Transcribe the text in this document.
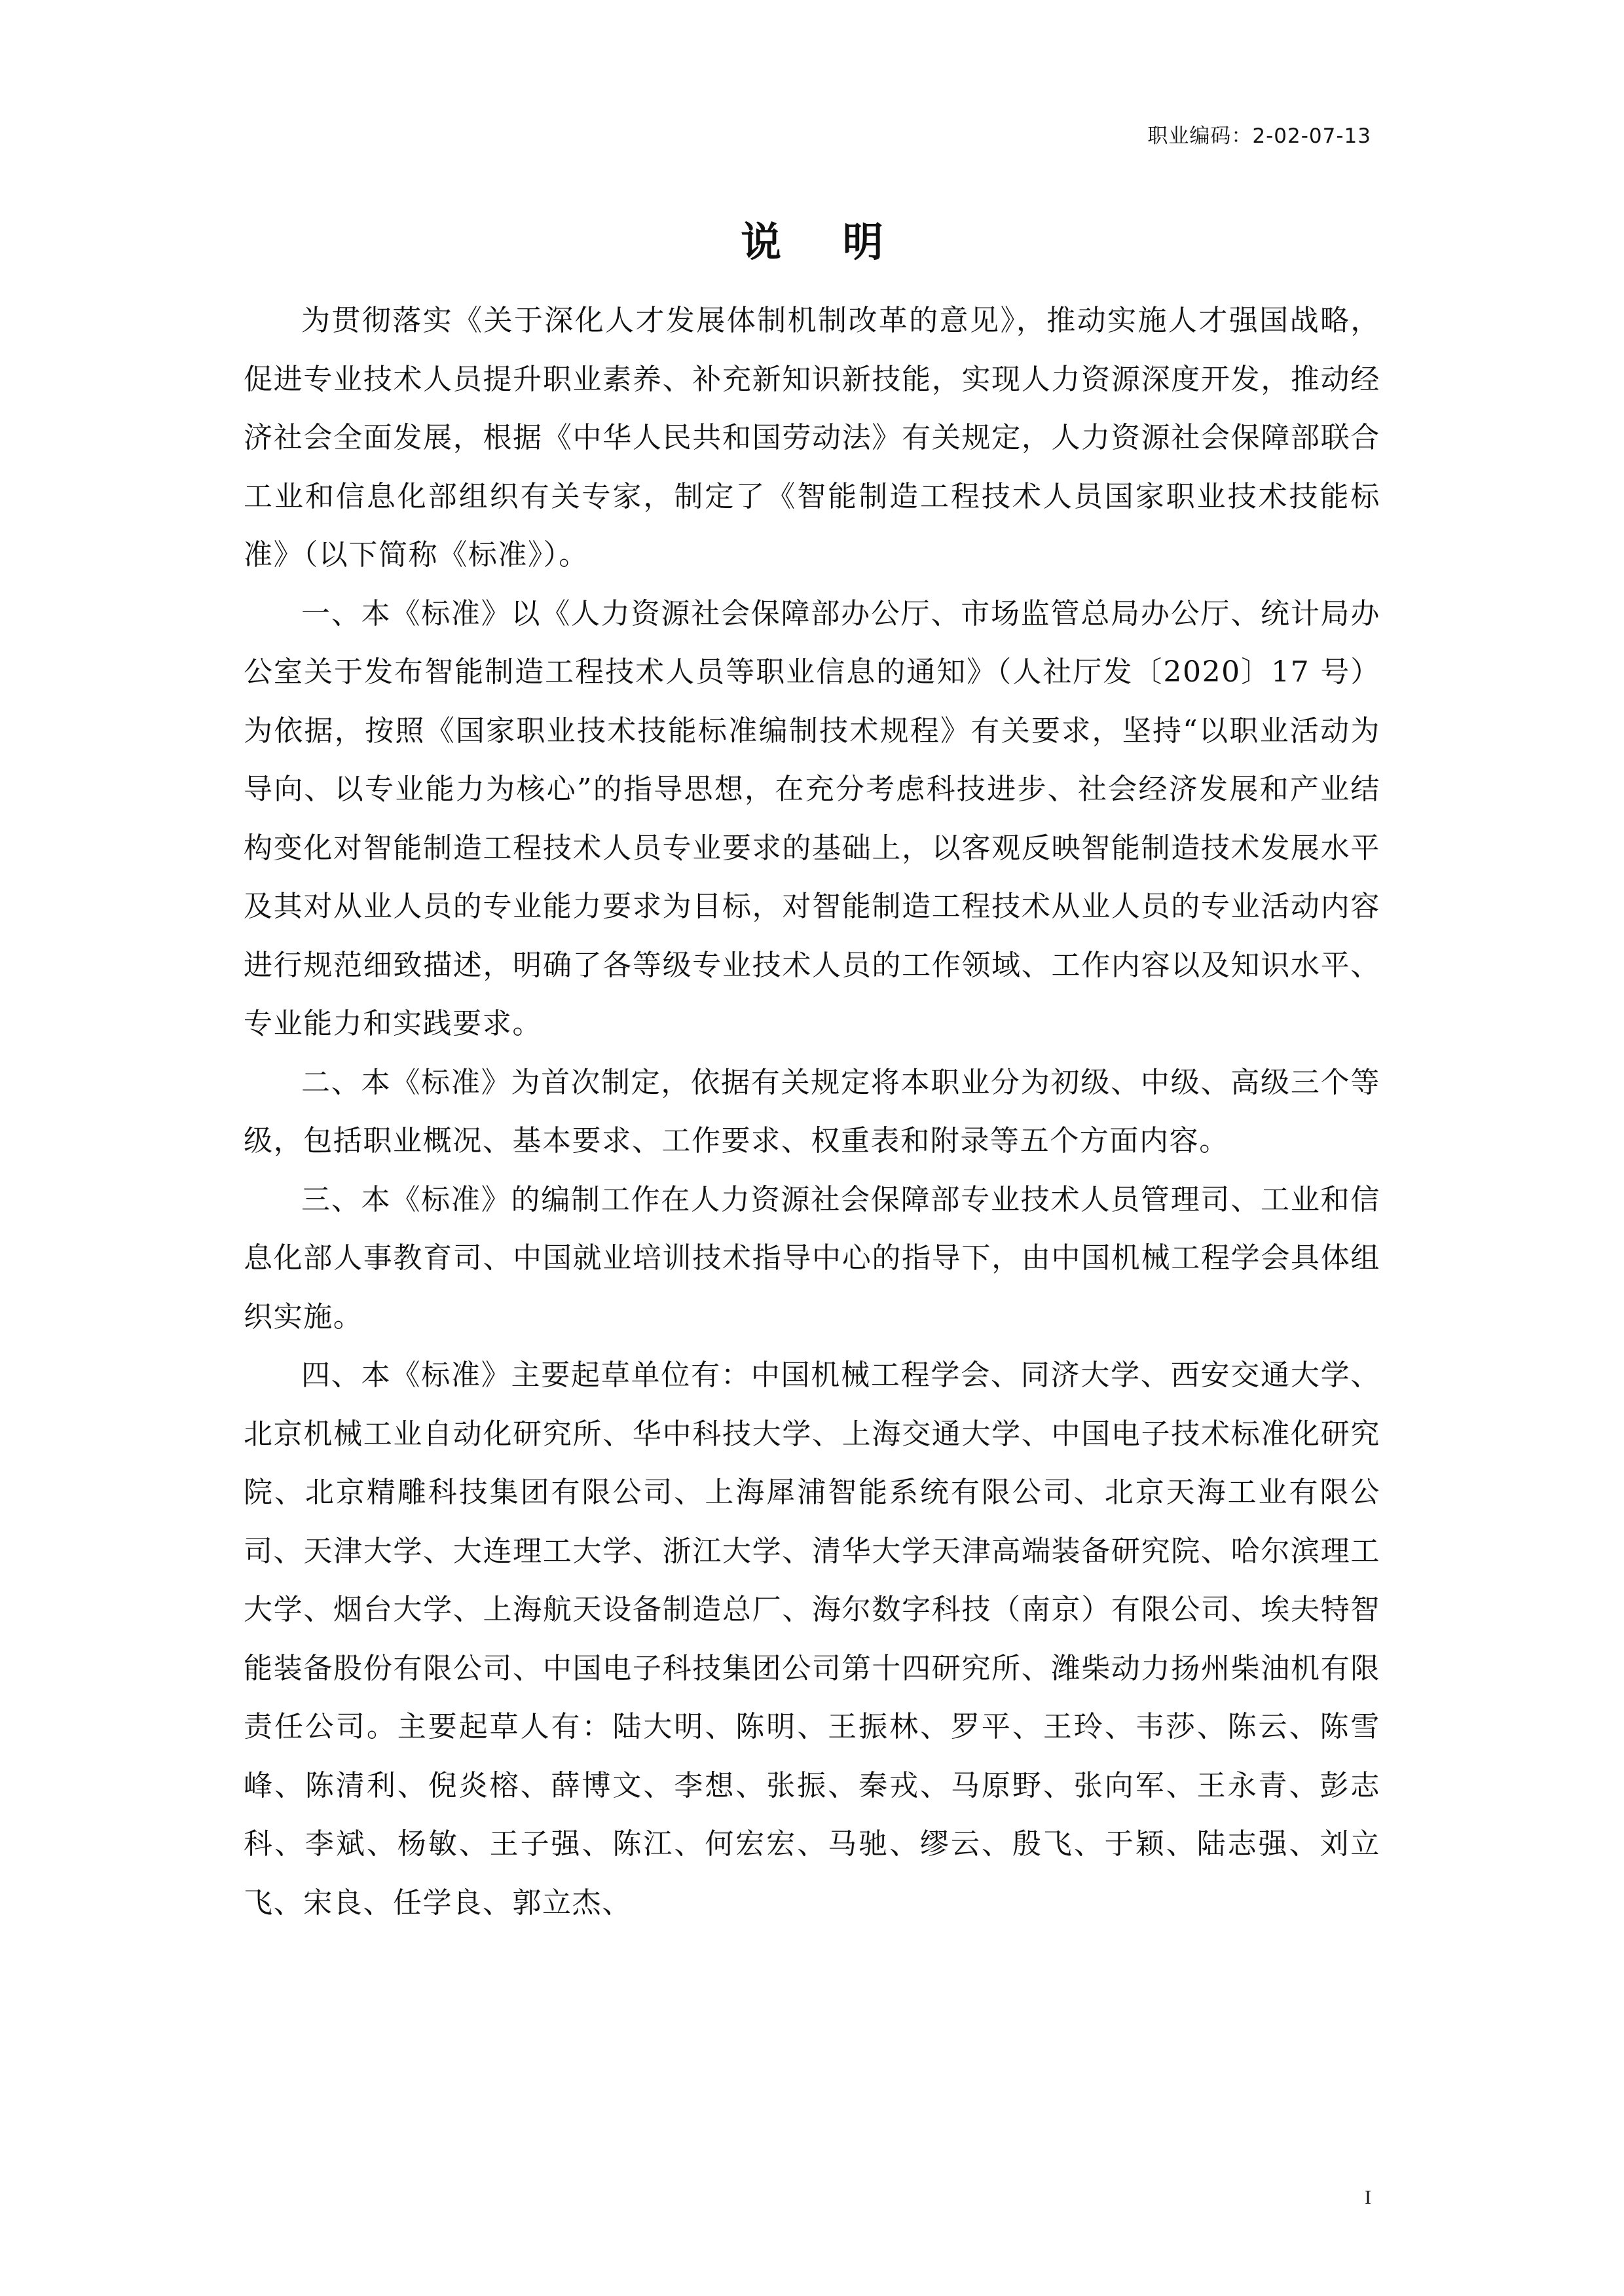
职业编码：2-02-07-13
说 明

为贯彻落实《关于深化人才发展体制机制改革的意见》，推动实施人才强国战略，促进专业技术人员提升职业素养、补充新知识新技能，实现人力资源深度开发，推动经济社会全面发展，根据《中华人民共和国劳动法》有关规定，人力资源社会保障部联合工业和信息化部组织有关专家，制定了《智能制造工程技术人员国家职业技术技能标准》（以下简称《标准》）。

一、本《标准》以《人力资源社会保障部办公厅、市场监管总局办公厅、统计局办公室关于发布智能制造工程技术人员等职业信息的通知》（人社厅发〔2020〕17 号）为依据，按照《国家职业技术技能标准编制技术规程》有关要求，坚持“以职业活动为导向、以专业能力为核心”的指导思想，在充分考虑科技进步、社会经济发展和产业结构变化对智能制造工程技术人员专业要求的基础上，以客观反映智能制造技术发展水平及其对从业人员的专业能力要求为目标，对智能制造工程技术从业人员的专业活动内容进行规范细致描述，明确了各等级专业技术人员的工作领域、工作内容以及知识水平、专业能力和实践要求。

二、本《标准》为首次制定，依据有关规定将本职业分为初级、中级、高级三个等级，包括职业概况、基本要求、工作要求、权重表和附录等五个方面内容。

三、本《标准》的编制工作在人力资源社会保障部专业技术人员管理司、工业和信息化部人事教育司、中国就业培训技术指导中心的指导下，由中国机械工程学会具体组织实施。

四、本《标准》主要起草单位有：中国机械工程学会、同济大学、西安交通大学、北京机械工业自动化研究所、华中科技大学、上海交通大学、中国电子技术标准化研究院、北京精雕科技集团有限公司、上海犀浦智能系统有限公司、北京天海工业有限公司、天津大学、大连理工大学、浙江大学、清华大学天津高端装备研究院、哈尔滨理工大学、烟台大学、上海航天设备制造总厂、海尔数字科技（南京）有限公司、埃夫特智能装备股份有限公司、中国电子科技集团公司第十四研究所、潍柴动力扬州柴油机有限责任公司。主要起草人有：陆大明、陈明、王振林、罗平、王玲、韦莎、陈云、陈雪峰、陈清利、倪炎榕、薛博文、李想、张振、秦戎、马原野、张向军、王永青、彭志科、李斌、杨敏、王子强、陈江、何宏宏、马驰、缪云、殷飞、于颖、陆志强、刘立飞、宋良、任学良、郭立杰、

I
